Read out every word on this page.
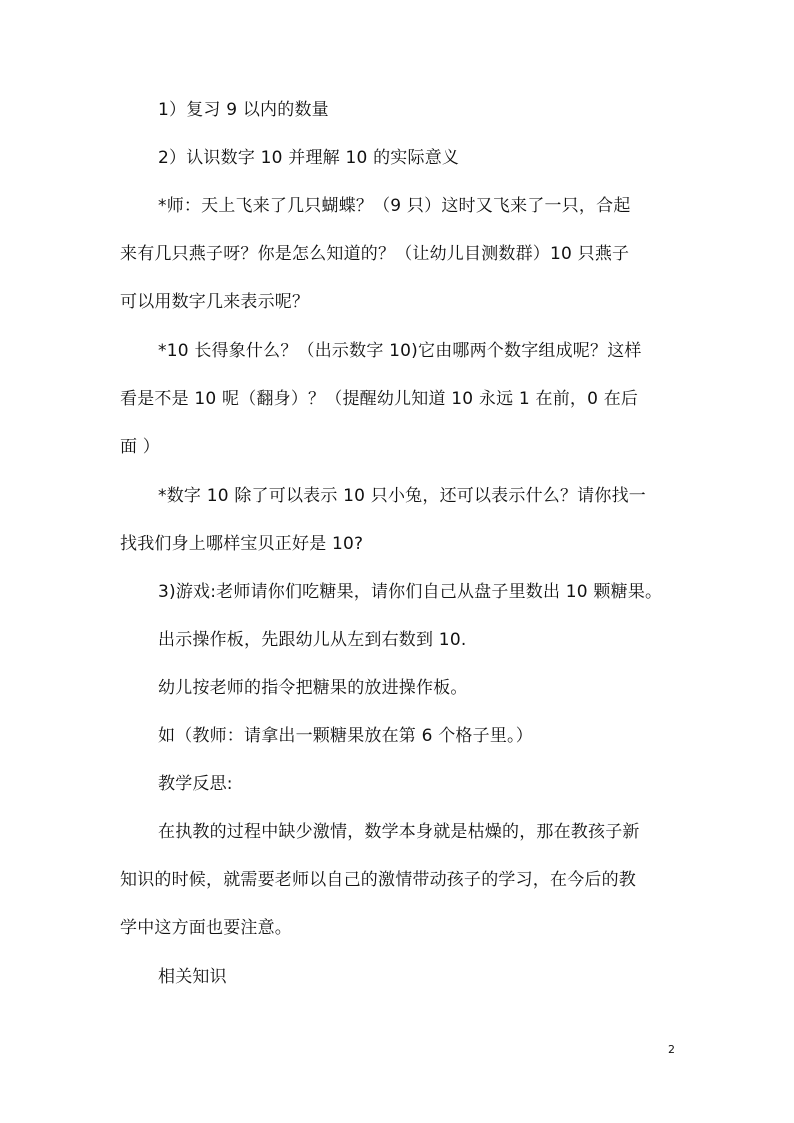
1）复习 9 以内的数量
2）认识数字 10 并理解 10 的实际意义
*师：天上飞来了几只蝴蝶？（9 只）这时又飞来了一只，合起
来有几只燕子呀？你是怎么知道的？（让幼儿目测数群）10 只燕子
可以用数字几来表示呢？
*10 长得象什么？（出示数字 10)它由哪两个数字组成呢？这样
看是不是 10 呢（翻身）？（提醒幼儿知道 10 永远 1 在前，0 在后
面 ）
*数字 10 除了可以表示 10 只小兔，还可以表示什么？请你找一
找我们身上哪样宝贝正好是 10?
3)游戏:老师请你们吃糖果，请你们自己从盘子里数出 10 颗糖果。
出示操作板，先跟幼儿从左到右数到 10.
幼儿按老师的指令把糖果的放进操作板。
如（教师：请拿出一颗糖果放在第 6 个格子里。）
教学反思:
在执教的过程中缺少激情，数学本身就是枯燥的，那在教孩子新
知识的时候，就需要老师以自己的激情带动孩子的学习，在今后的教
学中这方面也要注意。
相关知识
2
